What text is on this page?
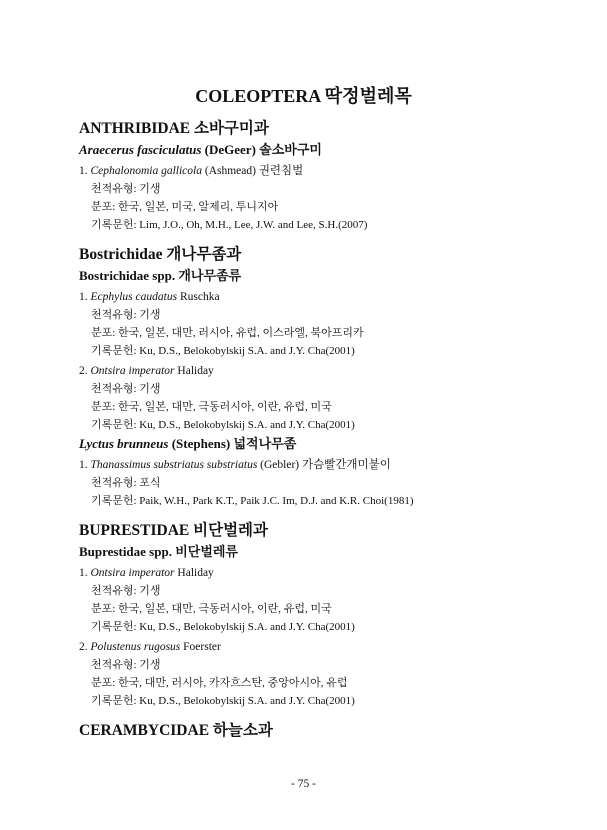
COLEOPTERA 딱정벌레목
ANTHRIBIDAE 소바구미과
Araecerus fasciculatus (DeGeer) 솔소바구미
1. Cephalonomia gallicola (Ashmead) 권련침벌
천적유형: 기생
분포: 한국, 일본, 미국, 알제리, 투니지아
기록문헌: Lim, J.O., Oh, M.H., Lee, J.W. and Lee, S.H.(2007)
Bostrichidae 개나무좀과
Bostrichidae spp. 개나무좀류
1. Ecphylus caudatus Ruschka
천적유형: 기생
분포: 한국, 일본, 대만, 러시아, 유럽, 이스라엘, 북아프리카
기록문헌: Ku, D.S., Belokobylskij S.A. and J.Y. Cha(2001)
2. Ontsira imperator Haliday
천적유형: 기생
분포: 한국, 일본, 대만, 극동러시아, 이란, 유럽, 미국
기록문헌: Ku, D.S., Belokobylskij S.A. and J.Y. Cha(2001)
Lyctus brunneus (Stephens) 넓적나무좀
1. Thanassimus substriatus substriatus (Gebler) 가슴빨간개미붙이
천적유형: 포식
기록문헌: Paik, W.H., Park K.T., Paik J.C. Im, D.J. and K.R. Choi(1981)
BUPRESTIDAE 비단벌레과
Buprestidae spp. 비단벌레류
1. Ontsira imperator Haliday
천적유형: 기생
분포: 한국, 일본, 대만, 극동러시아, 이란, 유럽, 미국
기록문헌: Ku, D.S., Belokobylskij S.A. and J.Y. Cha(2001)
2. Polustenus rugosus Foerster
천적유형: 기생
분포: 한국, 대만, 러시아, 카자흐스탄, 중앙아시아, 유럽
기록문헌: Ku, D.S., Belokobylskij S.A. and J.Y. Cha(2001)
CERAMBYCIDAE 하늘소과
- 75 -
